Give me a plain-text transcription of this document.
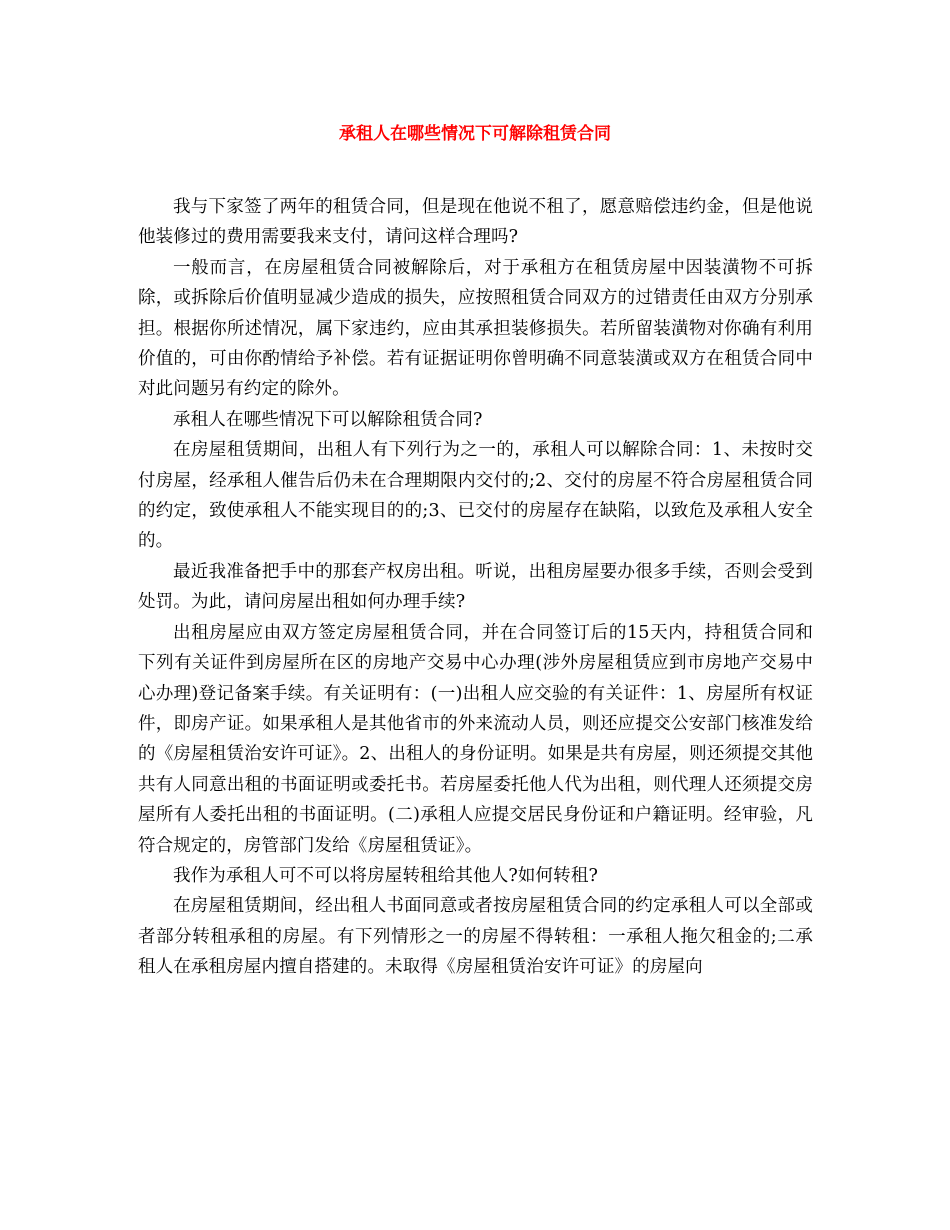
承租人在哪些情况下可解除租赁合同

我与下家签了两年的租赁合同，但是现在他说不租了，愿意赔偿违约金，但是他说他装修过的费用需要我来支付，请问这样合理吗?

一般而言，在房屋租赁合同被解除后，对于承租方在租赁房屋中因装潢物不可拆除，或拆除后价值明显减少造成的损失，应按照租赁合同双方的过错责任由双方分别承担。根据你所述情况，属下家违约，应由其承担装修损失。若所留装潢物对你确有利用价值的，可由你酌情给予补偿。若有证据证明你曾明确不同意装潢或双方在租赁合同中对此问题另有约定的除外。

承租人在哪些情况下可以解除租赁合同?

在房屋租赁期间，出租人有下列行为之一的，承租人可以解除合同：1、未按时交付房屋，经承租人催告后仍未在合理期限内交付的;2、交付的房屋不符合房屋租赁合同的约定，致使承租人不能实现目的的;3、已交付的房屋存在缺陷，以致危及承租人安全的。

最近我准备把手中的那套产权房出租。听说，出租房屋要办很多手续，否则会受到处罚。为此，请问房屋出租如何办理手续?

出租房屋应由双方签定房屋租赁合同，并在合同签订后的15天内，持租赁合同和下列有关证件到房屋所在区的房地产交易中心办理(涉外房屋租赁应到市房地产交易中心办理)登记备案手续。有关证明有：(一)出租人应交验的有关证件：1、房屋所有权证件，即房产证。如果承租人是其他省市的外来流动人员，则还应提交公安部门核准发给的《房屋租赁治安许可证》。2、出租人的身份证明。如果是共有房屋，则还须提交其他共有人同意出租的书面证明或委托书。若房屋委托他人代为出租，则代理人还须提交房屋所有人委托出租的书面证明。(二)承租人应提交居民身份证和户籍证明。经审验，凡符合规定的，房管部门发给《房屋租赁证》。

我作为承租人可不可以将房屋转租给其他人?如何转租?

在房屋租赁期间，经出租人书面同意或者按房屋租赁合同的约定承租人可以全部或者部分转租承租的房屋。有下列情形之一的房屋不得转租：一承租人拖欠租金的;二承租人在承租房屋内擅自搭建的。未取得《房屋租赁治安许可证》的房屋向
